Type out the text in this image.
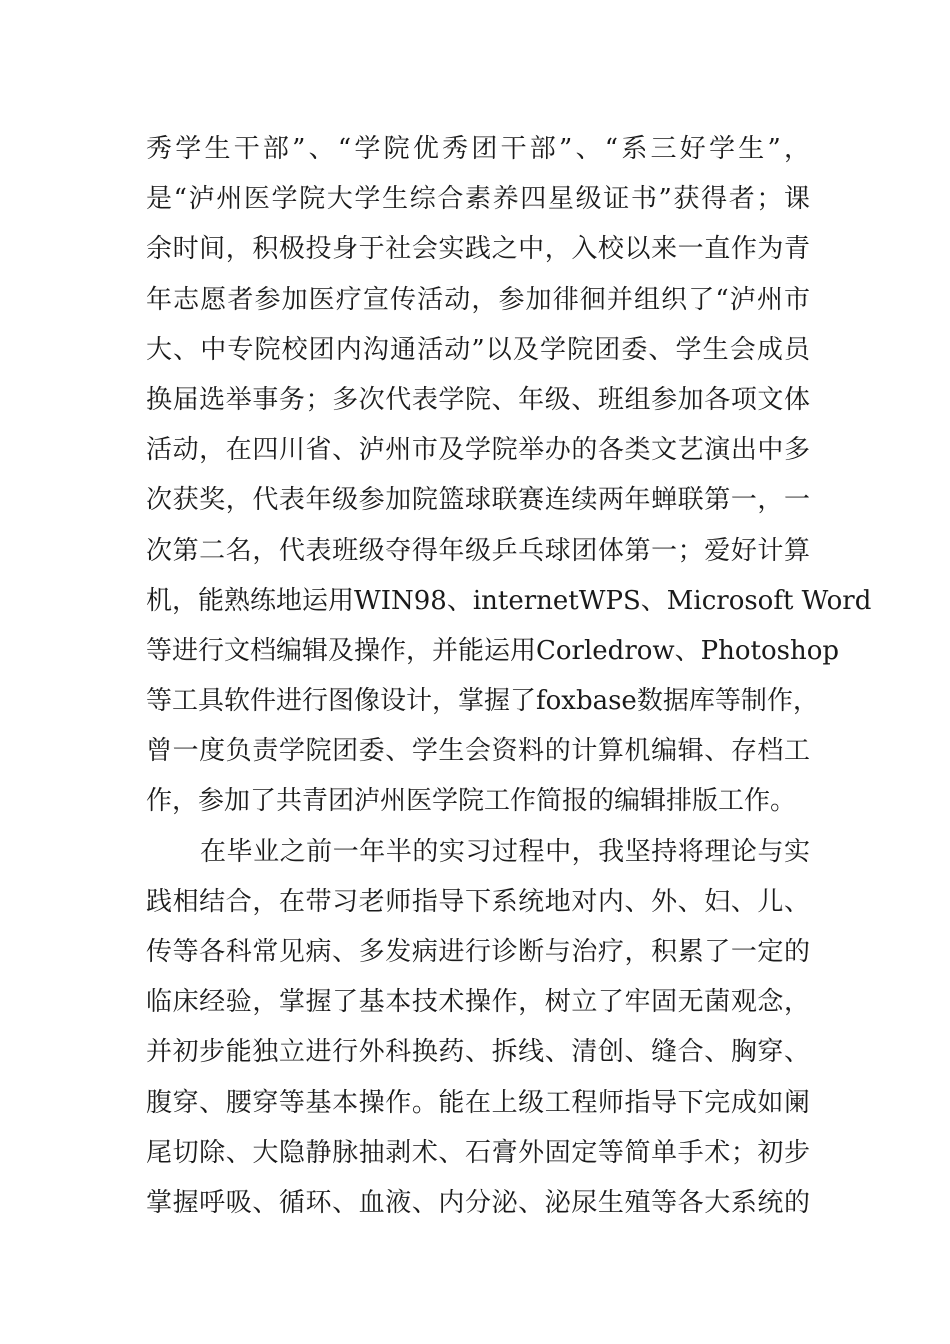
秀学生干部”、“学院优秀团干部”、“系三好学生”，
是“泸州医学院大学生综合素养四星级证书”获得者；课
余时间，积极投身于社会实践之中，入校以来一直作为青
年志愿者参加医疗宣传活动，参加徘徊并组织了“泸州市
大、中专院校团内沟通活动”以及学院团委、学生会成员
换届选举事务；多次代表学院、年级、班组参加各项文体
活动，在四川省、泸州市及学院举办的各类文艺演出中多
次获奖，代表年级参加院篮球联赛连续两年蝉联第一，一
次第二名，代表班级夺得年级乒乓球团体第一；爱好计算
机，能熟练地运用WIN98、internetWPS、Microsoft Word
等进行文档编辑及操作，并能运用Corledrow、Photoshop
等工具软件进行图像设计，掌握了foxbase数据库等制作，
曾一度负责学院团委、学生会资料的计算机编辑、存档工
作，参加了共青团泸州医学院工作简报的编辑排版工作。
在毕业之前一年半的实习过程中，我坚持将理论与实
践相结合，在带习老师指导下系统地对内、外、妇、儿、
传等各科常见病、多发病进行诊断与治疗，积累了一定的
临床经验，掌握了基本技术操作，树立了牢固无菌观念，
并初步能独立进行外科换药、拆线、清创、缝合、胸穿、
腹穿、腰穿等基本操作。能在上级工程师指导下完成如阑
尾切除、大隐静脉抽剥术、石膏外固定等简单手术；初步
掌握呼吸、循环、血液、内分泌、泌尿生殖等各大系统的
